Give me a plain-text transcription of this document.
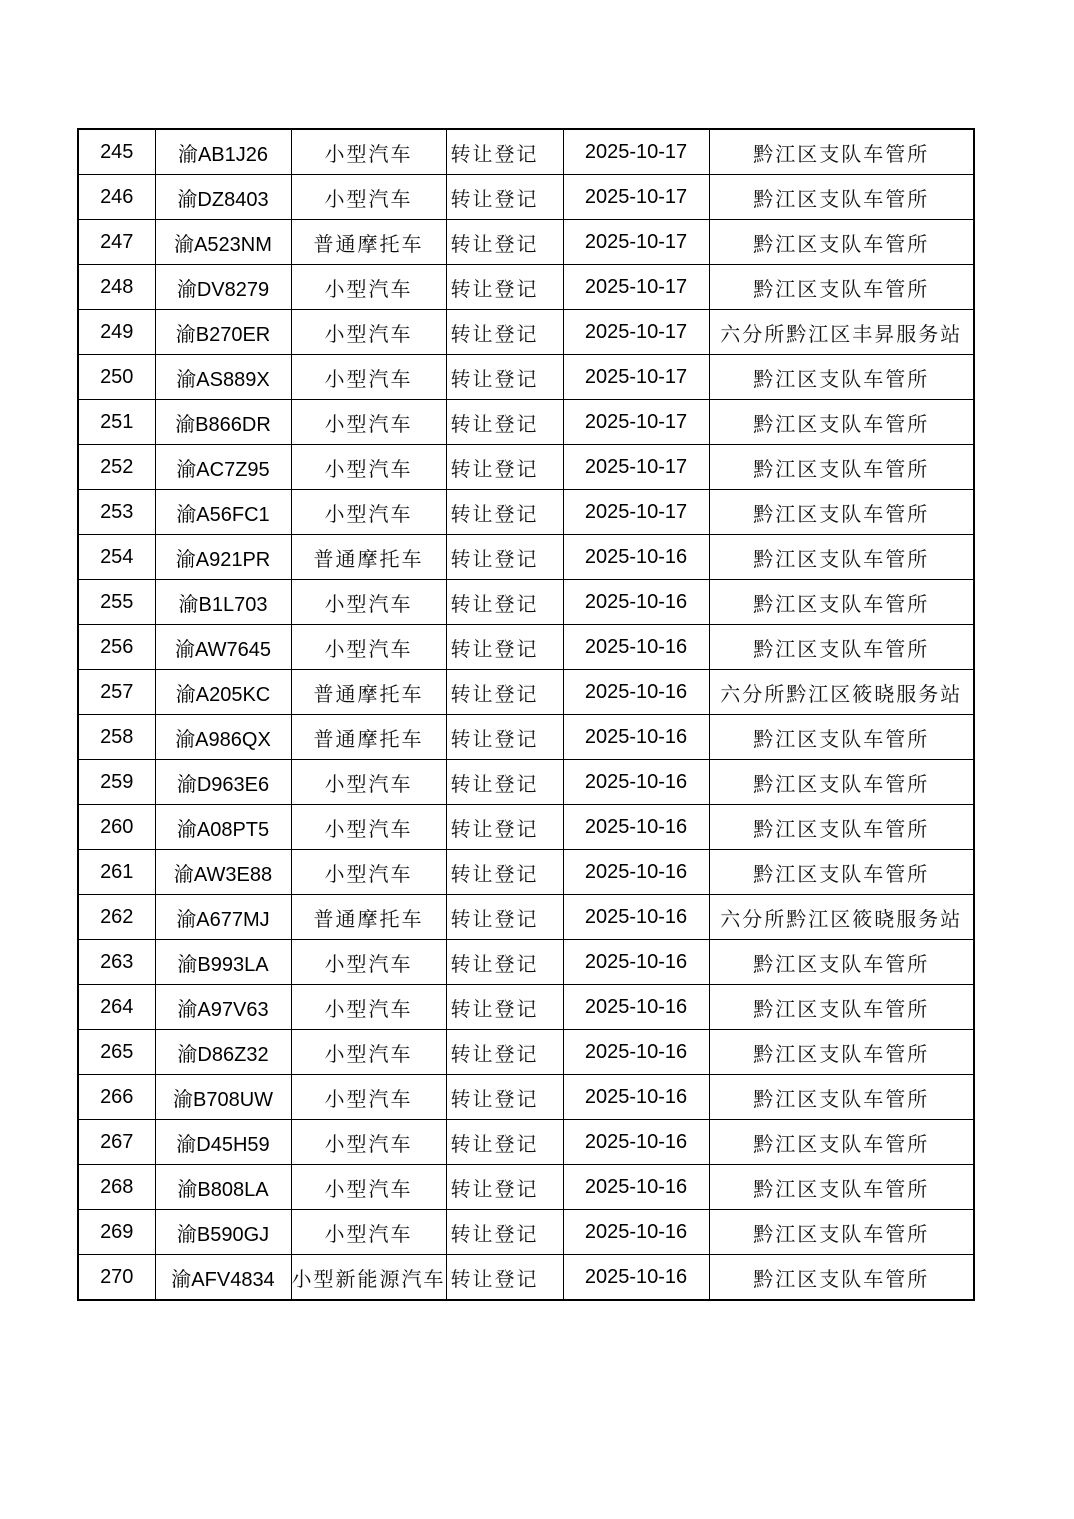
245	渝AB1J26	小型汽车	转让登记	2025-10-17	黔江区支队车管所
246	渝DZ8403	小型汽车	转让登记	2025-10-17	黔江区支队车管所
247	渝A523NM	普通摩托车	转让登记	2025-10-17	黔江区支队车管所
248	渝DV8279	小型汽车	转让登记	2025-10-17	黔江区支队车管所
249	渝B270ER	小型汽车	转让登记	2025-10-17	六分所黔江区丰昇服务站
250	渝AS889X	小型汽车	转让登记	2025-10-17	黔江区支队车管所
251	渝B866DR	小型汽车	转让登记	2025-10-17	黔江区支队车管所
252	渝AC7Z95	小型汽车	转让登记	2025-10-17	黔江区支队车管所
253	渝A56FC1	小型汽车	转让登记	2025-10-17	黔江区支队车管所
254	渝A921PR	普通摩托车	转让登记	2025-10-16	黔江区支队车管所
255	渝B1L703	小型汽车	转让登记	2025-10-16	黔江区支队车管所
256	渝AW7645	小型汽车	转让登记	2025-10-16	黔江区支队车管所
257	渝A205KC	普通摩托车	转让登记	2025-10-16	六分所黔江区筱晓服务站
258	渝A986QX	普通摩托车	转让登记	2025-10-16	黔江区支队车管所
259	渝D963E6	小型汽车	转让登记	2025-10-16	黔江区支队车管所
260	渝A08PT5	小型汽车	转让登记	2025-10-16	黔江区支队车管所
261	渝AW3E88	小型汽车	转让登记	2025-10-16	黔江区支队车管所
262	渝A677MJ	普通摩托车	转让登记	2025-10-16	六分所黔江区筱晓服务站
263	渝B993LA	小型汽车	转让登记	2025-10-16	黔江区支队车管所
264	渝A97V63	小型汽车	转让登记	2025-10-16	黔江区支队车管所
265	渝D86Z32	小型汽车	转让登记	2025-10-16	黔江区支队车管所
266	渝B708UW	小型汽车	转让登记	2025-10-16	黔江区支队车管所
267	渝D45H59	小型汽车	转让登记	2025-10-16	黔江区支队车管所
268	渝B808LA	小型汽车	转让登记	2025-10-16	黔江区支队车管所
269	渝B590GJ	小型汽车	转让登记	2025-10-16	黔江区支队车管所
270	渝AFV4834	小型新能源汽车	转让登记	2025-10-16	黔江区支队车管所
